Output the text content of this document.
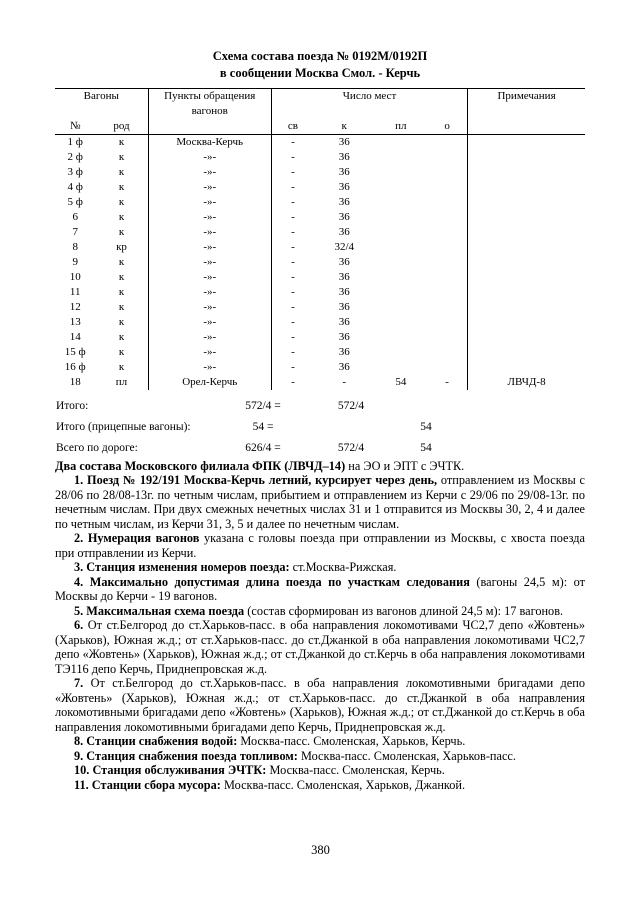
Схема состава поезда № 0192М/0192П
в сообщении Москва Смол. - Керчь
Вагоны		Пункты обращения	Число мест				Примечания
		вагонов					
№	род		св	к	пл	о	
1 ф	к	Москва-Керчь	-	36			
2 ф	к	-»-	-	36			
3 ф	к	-»-	-	36			
4 ф	к	-»-	-	36			
5 ф	к	-»-	-	36			
6	к	-»-	-	36			
7	к	-»-	-	36			
8	кр	-»-	-	32/4			
9	к	-»-	-	36			
10	к	-»-	-	36			
11	к	-»-	-	36			
12	к	-»-	-	36			
13	к	-»-	-	36			
14	к	-»-	-	36			
15 ф	к	-»-	-	36			
16 ф	к	-»-	-	36			
18	пл	Орел-Керчь	-	-	54	-	ЛВЧД-8
Итого:	572/4 =	572/4		
Итого (прицепные вагоны):	54 =		54	
Всего по дороге:	626/4 =	572/4	54	

Два состава Московского филиала ФПК (ЛВЧД–14) на ЭО и ЭПТ с ЭЧТК.

1. Поезд № 192/191 Москва-Керчь летний, курсирует через день, отправлением из Москвы с 28/06 по 28/08-13г. по четным числам, прибытием и отправлением из Керчи с 29/06 по 29/08-13г. по нечетным числам. При двух смежных нечетных числах 31 и 1 отправится из Москвы 30, 2, 4 и далее по четным числам, из Керчи 31, 3, 5 и далее по нечетным числам.

2. Нумерация вагонов указана с головы поезда при отправлении из Москвы, с хвоста поезда при отправлении из Керчи.

3. Станция изменения номеров поезда: ст.Москва-Рижская.

4. Максимально допустимая длина поезда по участкам следования (вагоны 24,5 м): от Москвы до Керчи - 19 вагонов.

5. Максимальная схема поезда (состав сформирован из вагонов длиной 24,5 м): 17 вагонов.

6. От ст.Белгород до ст.Харьков-пасс. в оба направления локомотивами ЧС2,7 депо «Жовтень» (Харьков), Южная ж.д.; от ст.Харьков-пасс. до ст.Джанкой в оба направления локомотивами ЧС2,7 депо «Жовтень» (Харьков), Южная ж.д.; от ст.Джанкой до ст.Керчь в оба направления локомотивами ТЭ116 депо Керчь, Приднепровская ж.д.

7. От ст.Белгород до ст.Харьков-пасс. в оба направления локомотивными бригадами депо «Жовтень» (Харьков), Южная ж.д.; от ст.Харьков-пасс. до ст.Джанкой в оба направления локомотивными бригадами депо «Жовтень» (Харьков), Южная ж.д.; от ст.Джанкой до ст.Керчь в оба направления локомотивными бригадами депо Керчь, Приднепровская ж.д.

8. Станции снабжения водой: Москва-пасс. Смоленская, Харьков, Керчь.

9. Станция снабжения поезда топливом: Москва-пасс. Смоленская, Харьков-пасс.

10. Станция обслуживания ЭЧТК: Москва-пасс. Смоленская, Керчь.

11. Станции сбора мусора: Москва-пасс. Смоленская, Харьков, Джанкой.

380
